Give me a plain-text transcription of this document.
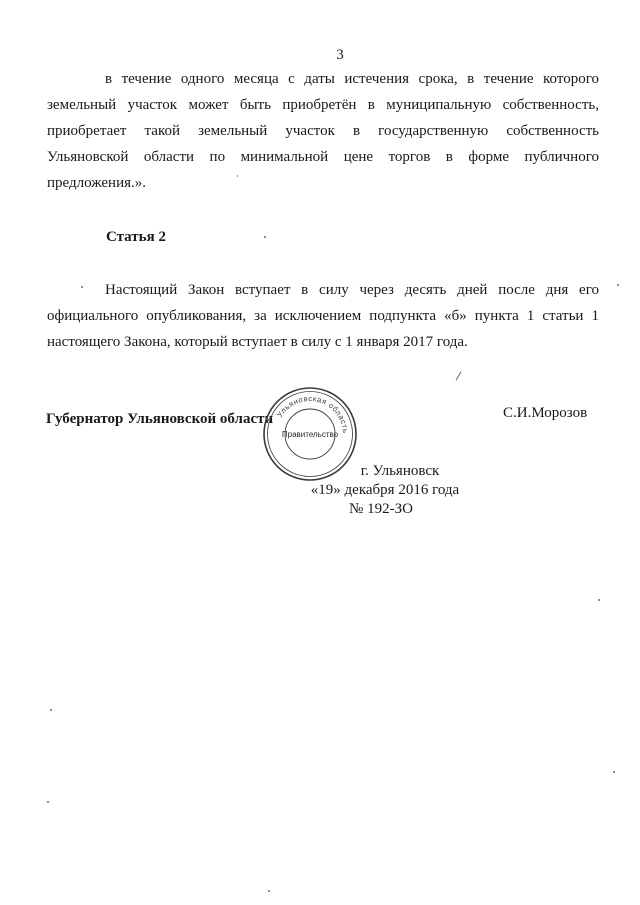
3
в течение одного месяца с даты истечения срока, в течение которого
земельный участок может быть приобретён в муниципальную собственность,
приобретает такой земельный участок в государственную собственность
Ульяновской области по минимальной цене торгов в форме публичного
предложения.».
Статья 2
Настоящий Закон вступает в силу через десять дней после дня его
официального опубликования, за исключением подпункта «б» пункта 1 статьи 1
настоящего Закона, который вступает в силу с 1 января 2017 года.
Губернатор Ульяновской области	С.И.Морозов
Ульяновская область
Правительство
г. Ульяновск
«19» декабря 2016 года
№ 192-ЗО
